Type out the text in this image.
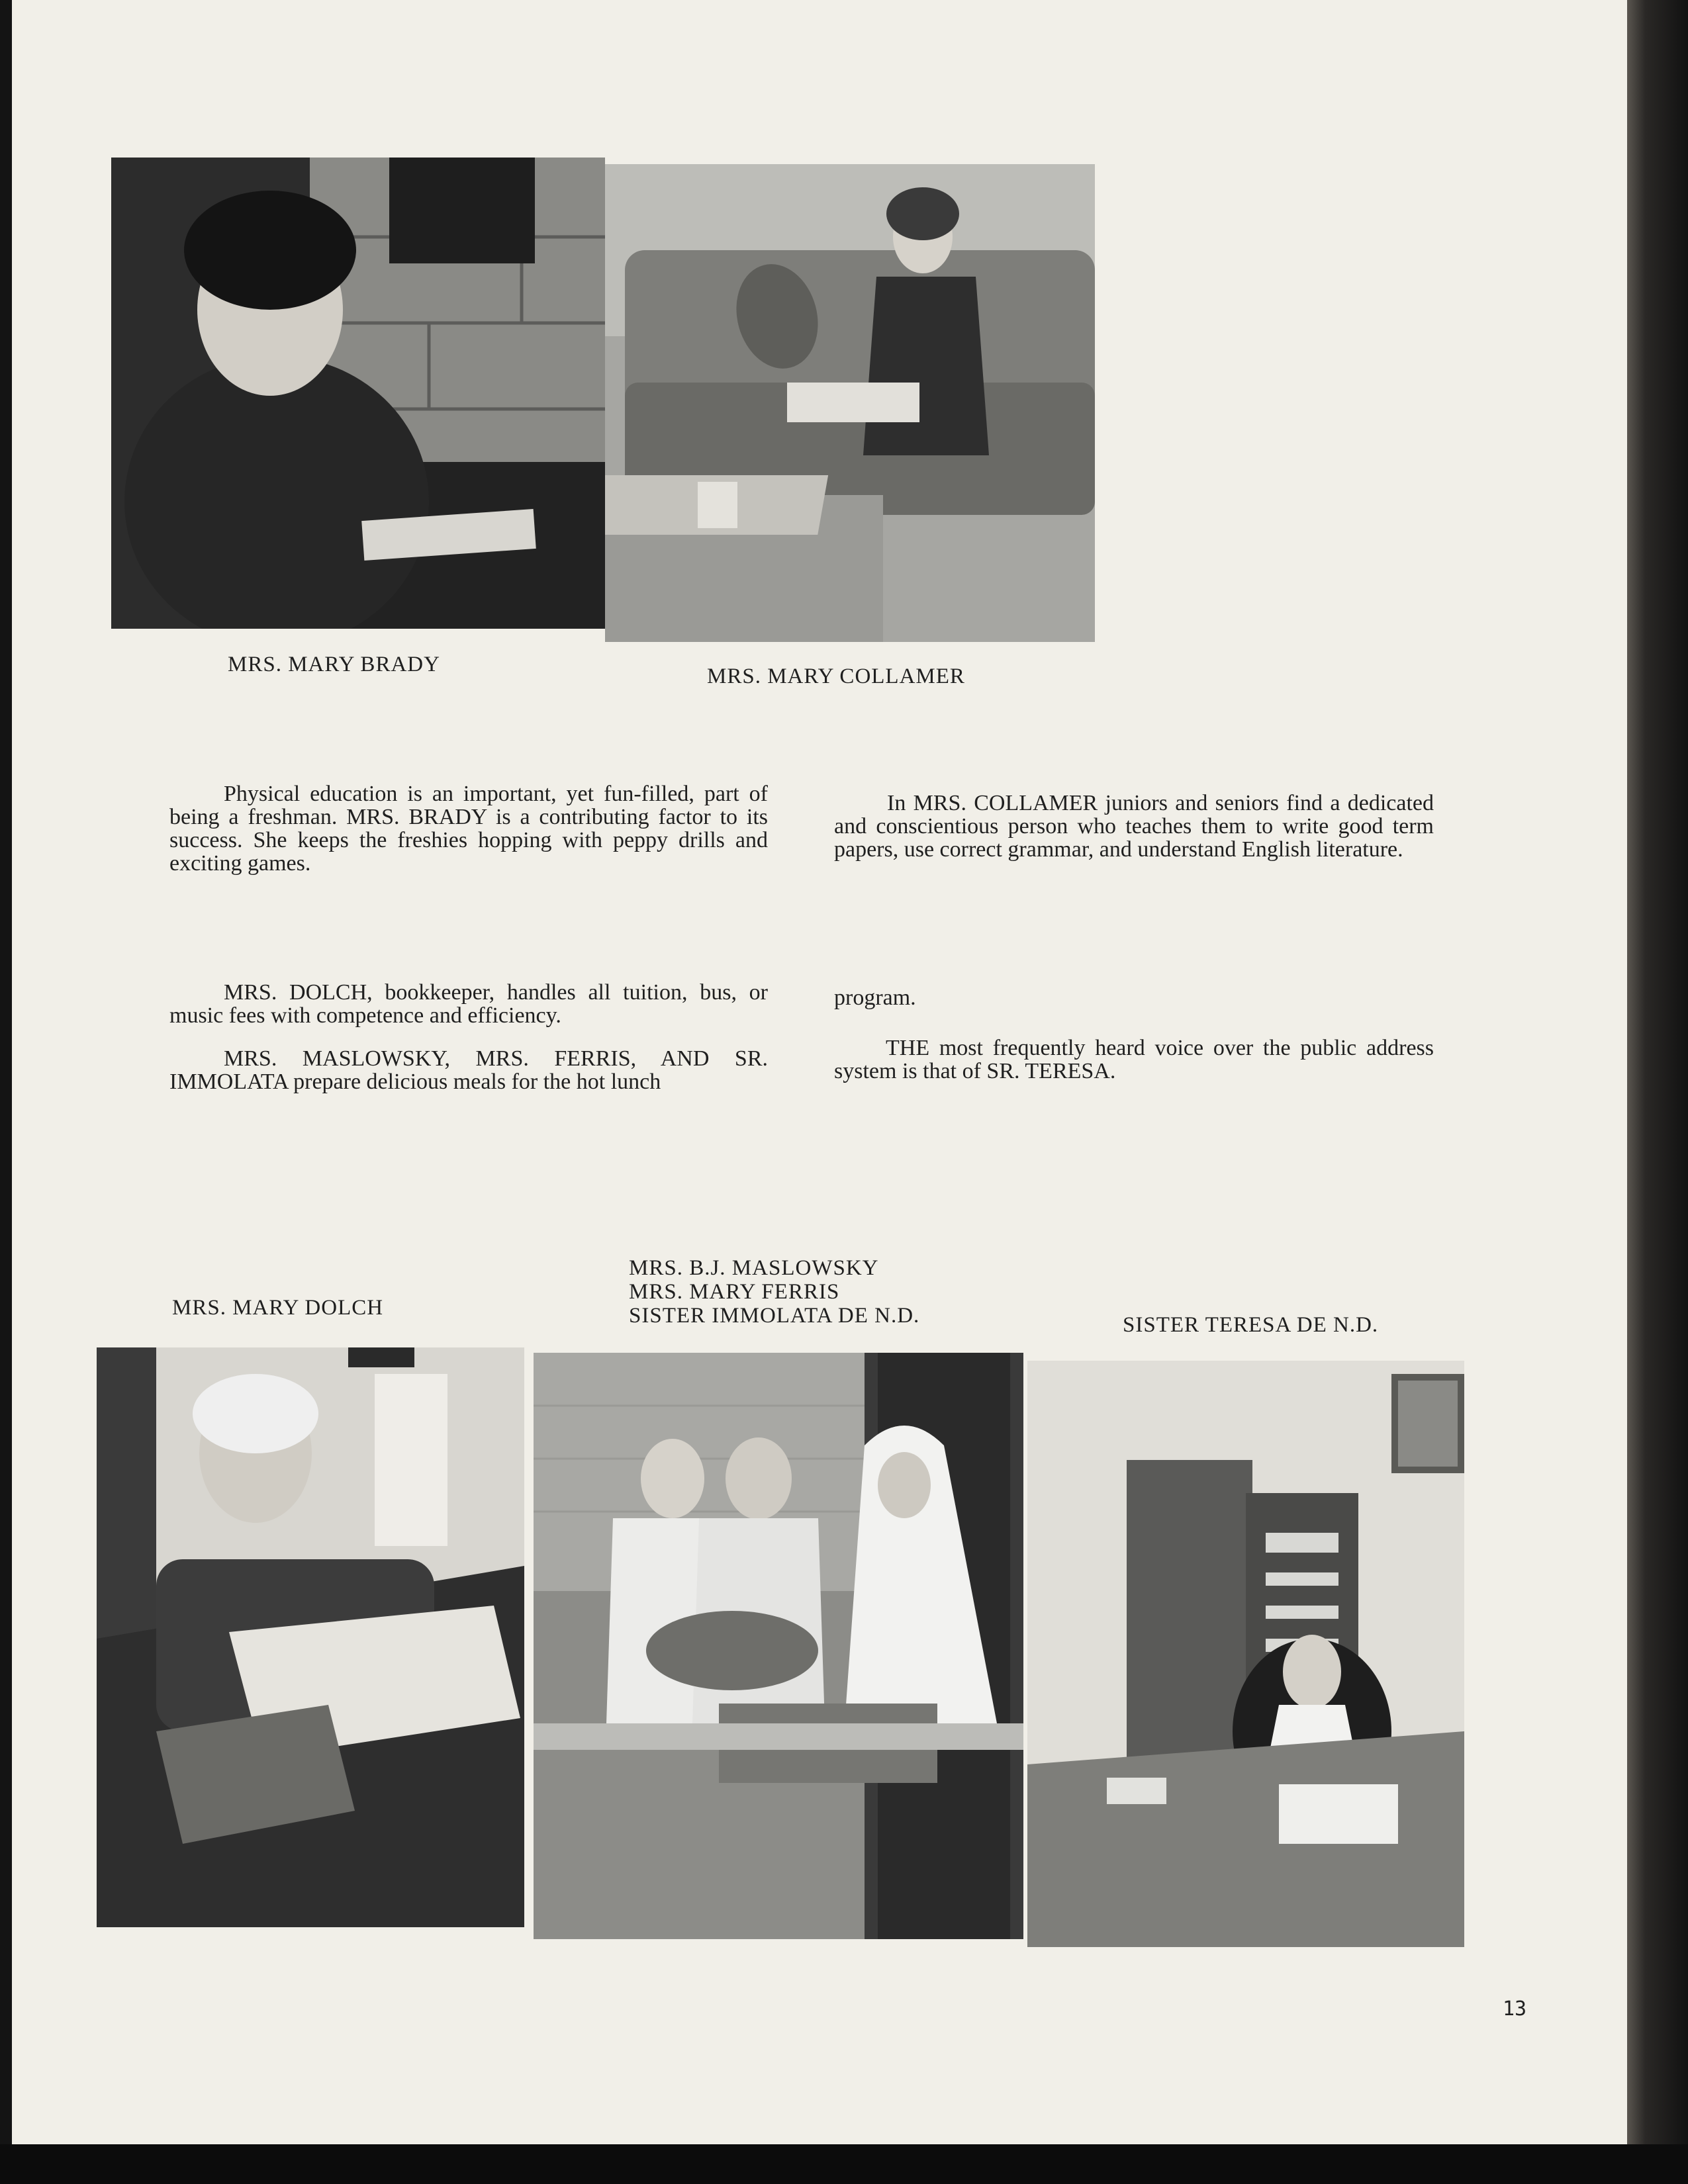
MRS. MARY BRADY	MRS. MARY COLLAMER

Physical education is an important, yet fun-filled, part of being a freshman. MRS. BRADY is a contributing factor to its success. She keeps the freshies hopping with peppy drills and exciting games.

In MRS. COLLAMER juniors and seniors find a dedicated and conscientious person who teaches them to write good term papers, use correct grammar, and understand English literature.

MRS. DOLCH, bookkeeper, handles all tuition, bus, or music fees with competence and efficiency.

MRS. MASLOWSKY, MRS. FERRIS, AND SR. IMMOLATA prepare delicious meals for the hot lunch

program.

THE most frequently heard voice over the public address system is that of SR. TERESA.

MRS. MARY DOLCH
MRS. B.J. MASLOWSKY
MRS. MARY FERRIS
SISTER IMMOLATA DE N.D.	SISTER TERESA DE N.D.
13
